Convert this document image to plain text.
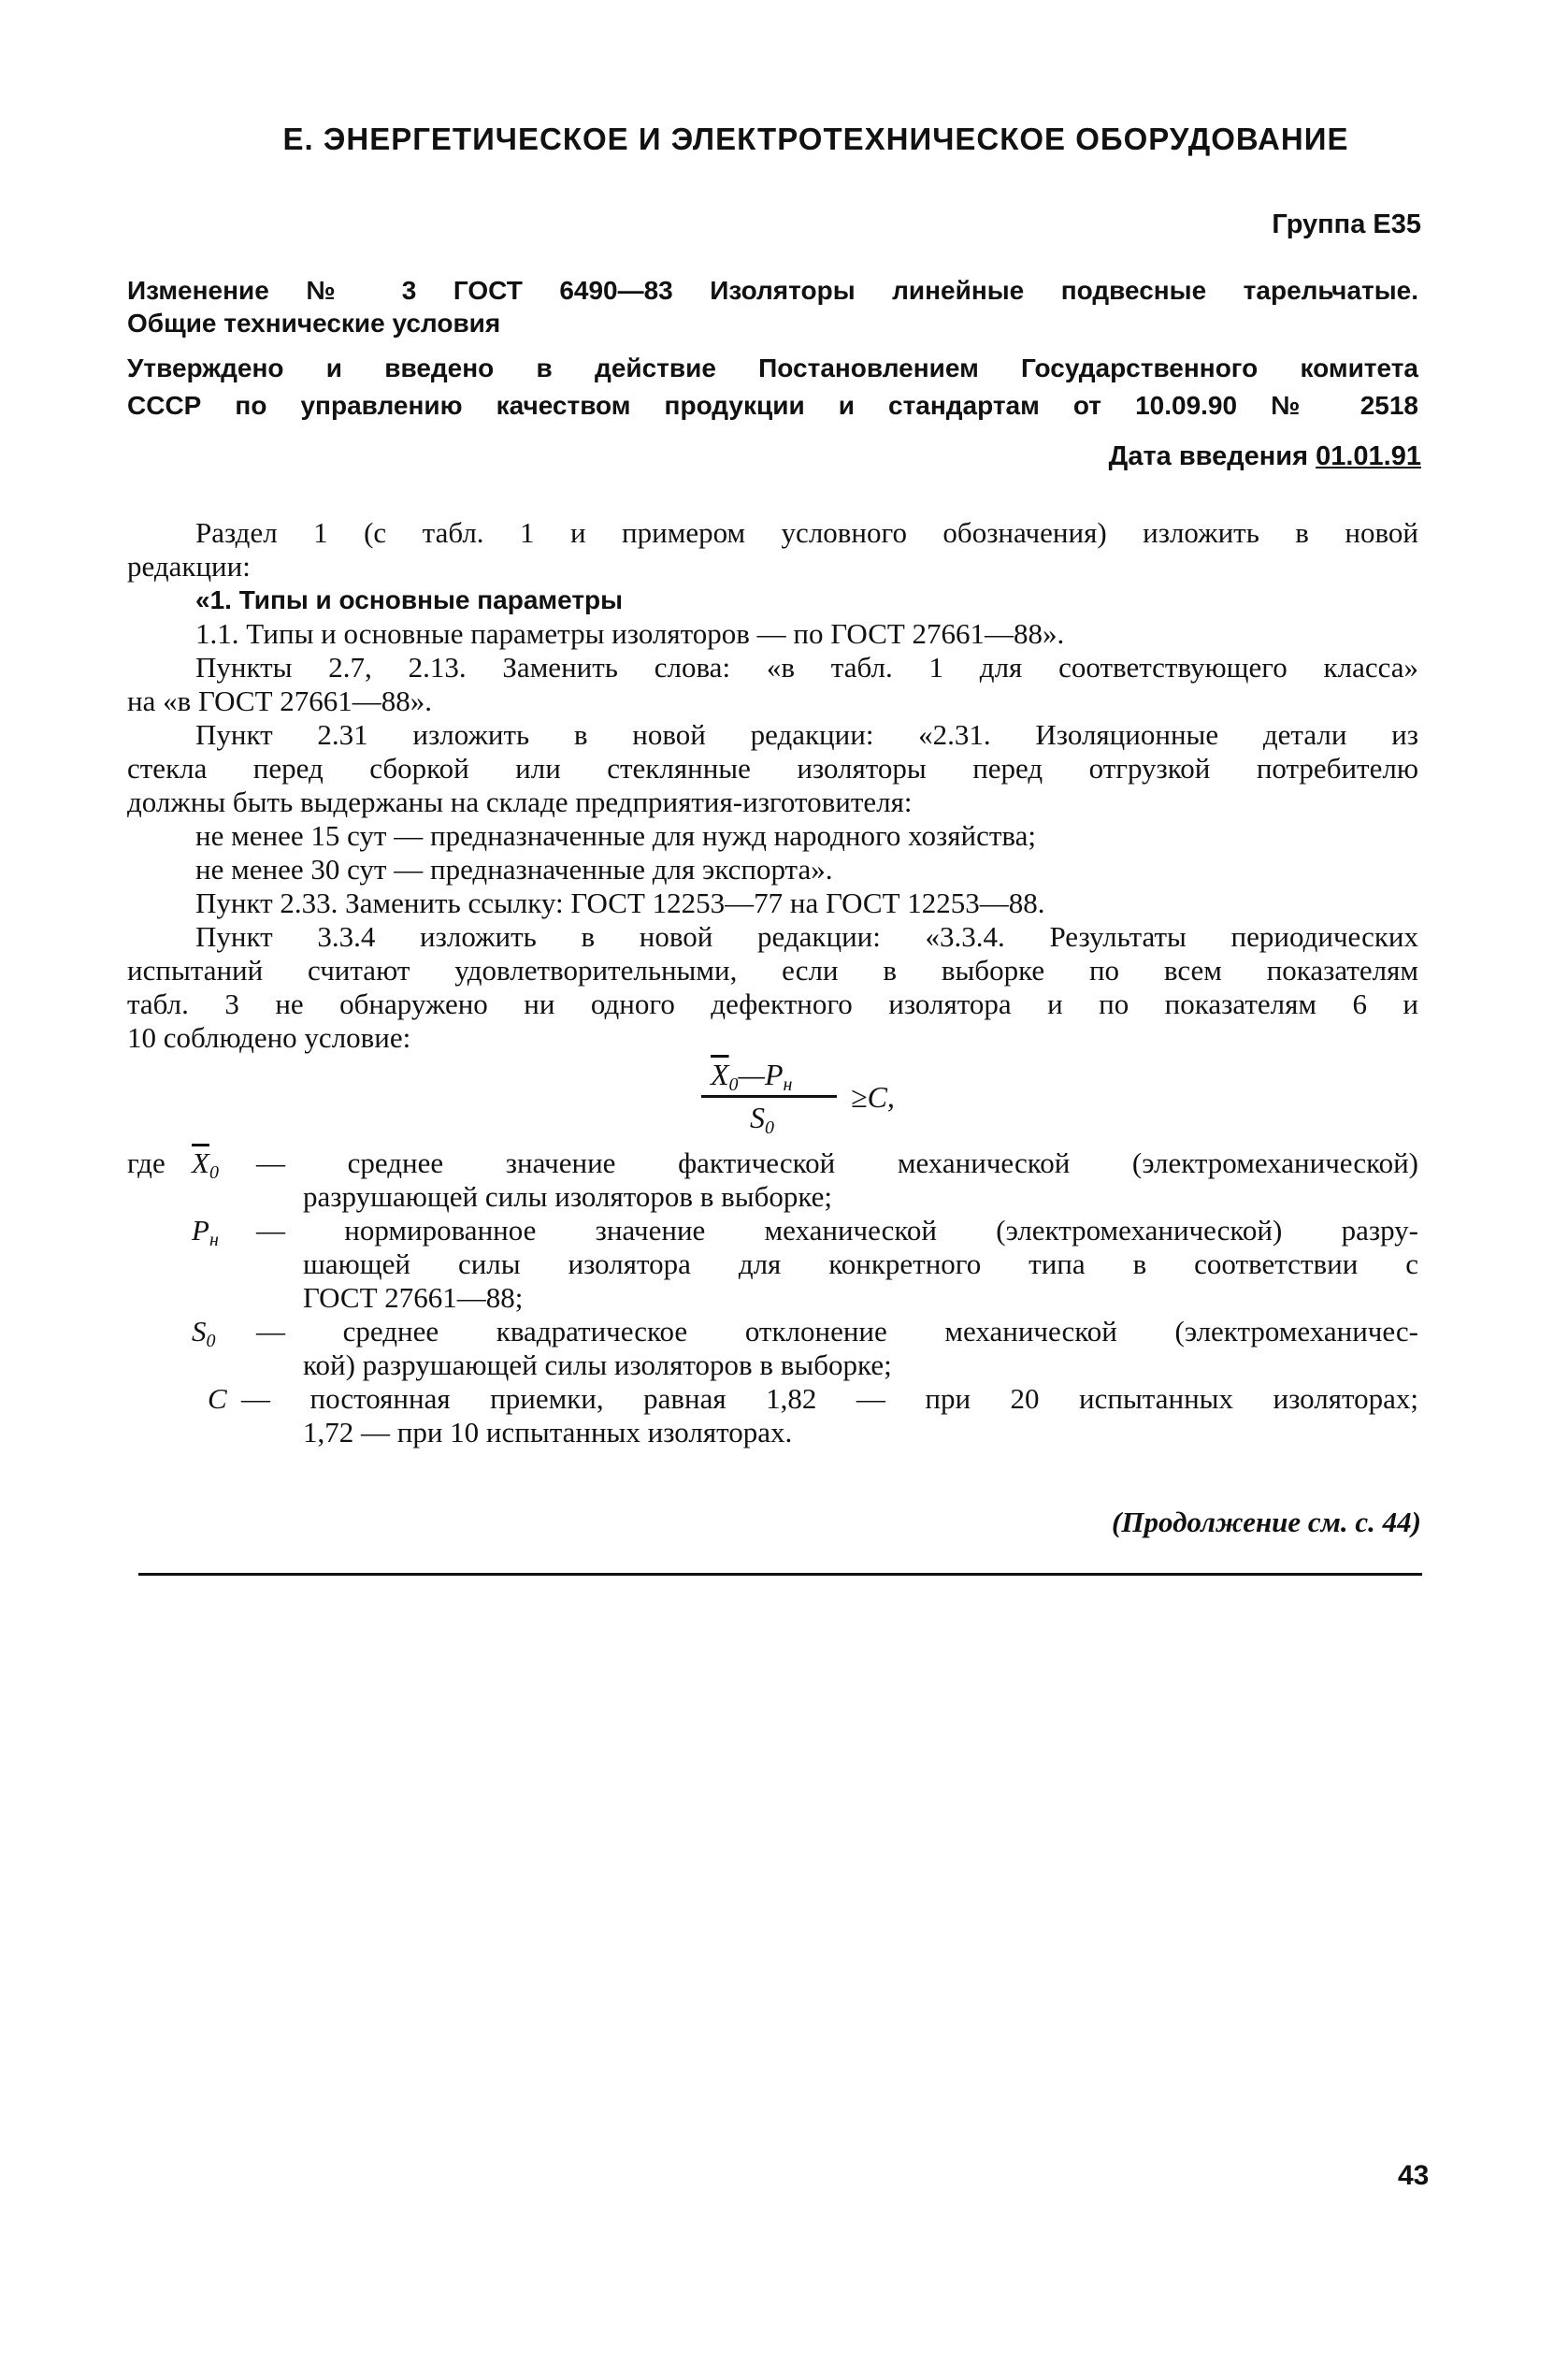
Е. ЭНЕРГЕТИЧЕСКОЕ И ЭЛЕКТРОТЕХНИЧЕСКОЕ ОБОРУДОВАНИЕ
Группа Е35
Изменение № 3 ГОСТ 6490—83 Изоляторы линейные подвесные тарельчатые.
Общие технические условия
Утверждено и введено в действие Постановлением Государственного комитета
СССР по управлению качеством продукции и стандартам от 10.09.90 № 2518
Дата введения 01.01.91
Раздел 1 (с табл. 1 и примером условного обозначения) изложить в новой
редакции:
«1. Типы и основные параметры
1.1. Типы и основные параметры изоляторов — по ГОСТ 27661—88».
Пункты 2.7, 2.13. Заменить слова: «в табл. 1 для соответствующего класса»
на «в ГОСТ 27661—88».
Пункт 2.31 изложить в новой редакции: «2.31. Изоляционные детали из
стекла перед сборкой или стеклянные изоляторы перед отгрузкой потребителю
должны быть выдержаны на складе предприятия-изготовителя:
не менее 15 сут — предназначенные для нужд народного хозяйства;
не менее 30 сут — предназначенные для экспорта».
Пункт 2.33. Заменить ссылку: ГОСТ 12253—77 на ГОСТ 12253—88.
Пункт 3.3.4 изложить в новой редакции: «3.3.4. Результаты периодических
испытаний считают удовлетворительными, если в выборке по всем показателям
табл. 3 не обнаружено ни одного дефектного изолятора и по показателям 6 и
10 соблюдено условие:
$\overline{X}_0—P_н$
$S_0$
≥C,
где $\overline{X}_0$ — среднее значение фактической механической (электромеханической)
разрушающей силы изоляторов в выборке;
$P_н$ — нормированное значение механической (электромеханической) разру-
шающей силы изолятора для конкретного типа в соответствии с
ГОСТ 27661—88;
$S_0$ — среднее квадратическое отклонение механической (электромеханичес-
кой) разрушающей силы изоляторов в выборке;
C — постоянная приемки, равная 1,82 — при 20 испытанных изоляторах;
1,72 — при 10 испытанных изоляторах.
(Продолжение см. с. 44)
43
